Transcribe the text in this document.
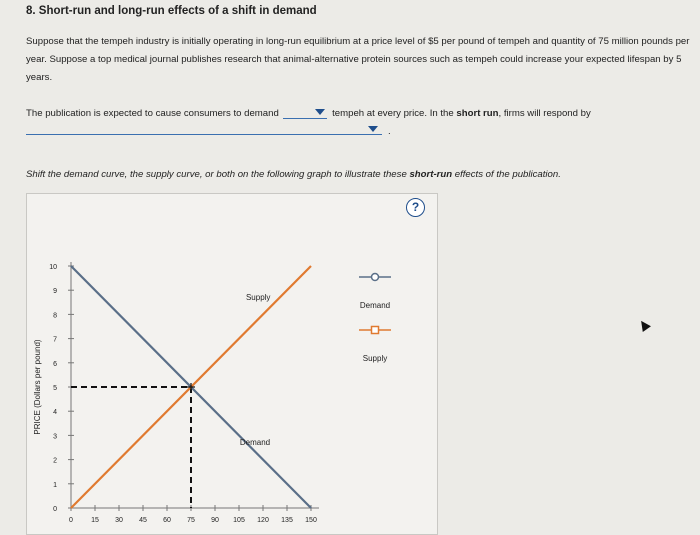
8. Short-run and long-run effects of a shift in demand
Suppose that the tempeh industry is initially operating in long-run equilibrium at a price level of $5 per pound of tempeh and quantity of 75 million pounds per year. Suppose a top medical journal publishes research that animal-alternative protein sources such as tempeh could increase your expected lifespan by 5 years.
The publication is expected to cause consumers to demand	tempeh at every price. In the short run, firms will respond by
.
Shift the demand curve, the supply curve, or both on the following graph to illustrate these short-run effects of the publication.
?
0
1
2
3
4
5
6
7
8
9
10
0	15 30 45 60 75 90 105 120 135 150
PRICE (Dollars per pound)
Supply
Demand
Demand
Supply
